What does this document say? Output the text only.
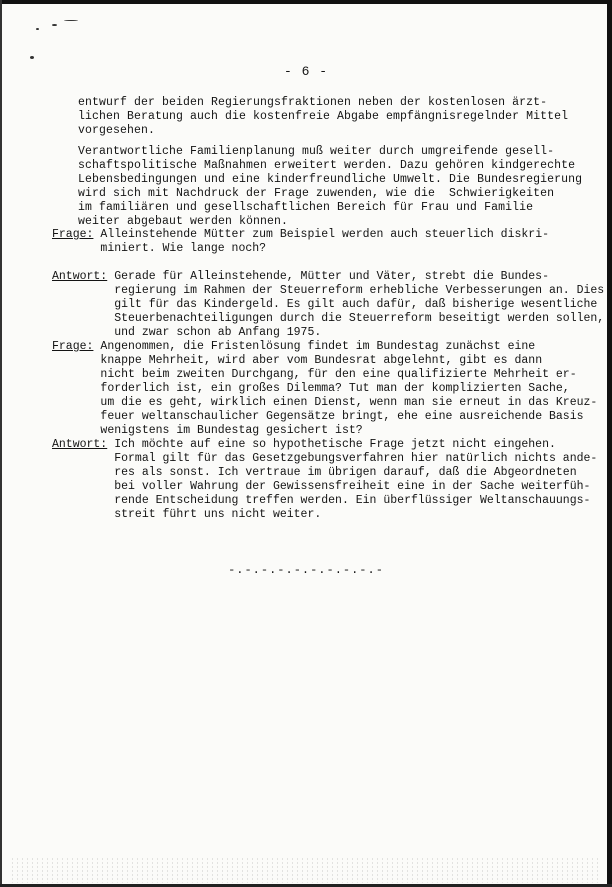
- 6 -
entwurf der beiden Regierungsfraktionen neben der kostenlosen ärzt-
lichen Beratung auch die kostenfreie Abgabe empfängnisregelnder Mittel
vorgesehen.
Verantwortliche Familienplanung muß weiter durch umgreifende gesell-
schaftspolitische Maßnahmen erweitert werden. Dazu gehören kindgerechte
Lebensbedingungen und eine kinderfreundliche Umwelt. Die Bundesregierung
wird sich mit Nachdruck der Frage zuwenden, wie die  Schwierigkeiten
im familiären und gesellschaftlichen Bereich für Frau und Familie
weiter abgebaut werden können.
Frage: Alleinstehende Mütter zum Beispiel werden auch steuerlich diskri-
miniert. Wie lange noch?
Antwort: Gerade für Alleinstehende, Mütter und Väter, strebt die Bundes-
regierung im Rahmen der Steuerreform erhebliche Verbesserungen an. Dies
gilt für das Kindergeld. Es gilt auch dafür, daß bisherige wesentliche
Steuerbenachteiligungen durch die Steuerreform beseitigt werden sollen,
und zwar schon ab Anfang 1975.
Frage: Angenommen, die Fristenlösung findet im Bundestag zunächst eine
knappe Mehrheit, wird aber vom Bundesrat abgelehnt, gibt es dann
nicht beim zweiten Durchgang, für den eine qualifizierte Mehrheit er-
forderlich ist, ein großes Dilemma? Tut man der komplizierten Sache,
um die es geht, wirklich einen Dienst, wenn man sie erneut in das Kreuz-
feuer weltanschaulicher Gegensätze bringt, ehe eine ausreichende Basis
wenigstens im Bundestag gesichert ist?
Antwort: Ich möchte auf eine so hypothetische Frage jetzt nicht eingehen.
Formal gilt für das Gesetzgebungsverfahren hier natürlich nichts ande-
res als sonst. Ich vertraue im übrigen darauf, daß die Abgeordneten
bei voller Wahrung der Gewissensfreiheit eine in der Sache weiterfüh-
rende Entscheidung treffen werden. Ein überflüssiger Weltanschauungs-
streit führt uns nicht weiter.
-.-.-.-.-.-.-.-.-.-
